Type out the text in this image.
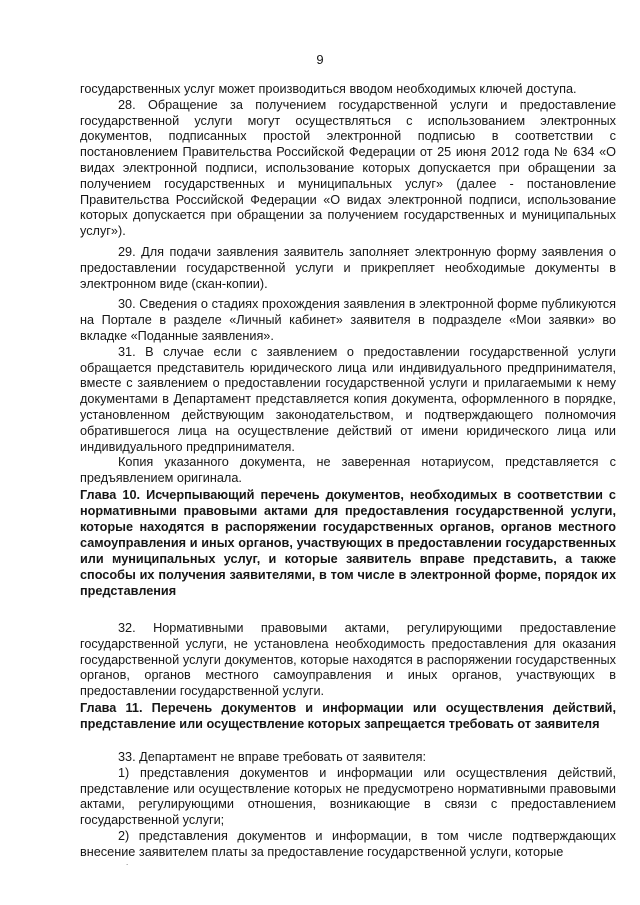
9

государственных услуг может производиться вводом необходимых ключей доступа.

28. Обращение за получением государственной услуги и предоставление государственной услуги могут осуществляться с использованием электронных документов, подписанных простой электронной подписью в соответствии с постановлением Правительства Российской Федерации от 25 июня 2012 года № 634 «О видах электронной подписи, использование которых допускается при обращении за получением государственных и муниципальных услуг» (далее - постановление Правительства Российской Федерации «О видах электронной подписи, использование которых допускается при обращении за получением государственных и муниципальных услуг»).

29. Для подачи заявления заявитель заполняет электронную форму заявления о предоставлении государственной услуги и прикрепляет необходимые документы в электронном виде (скан-копии).

30. Сведения о стадиях прохождения заявления в электронной форме публикуются на Портале в разделе «Личный кабинет» заявителя в подразделе «Мои заявки» во вкладке «Поданные заявления».

31. В случае если с заявлением о предоставлении государственной услуги обращается представитель юридического лица или индивидуального предпринимателя, вместе с заявлением о предоставлении государственной услуги и прилагаемыми к нему документами в Департамент представляется копия документа, оформленного в порядке, установленном действующим законодательством, и подтверждающего полномочия обратившегося лица на осуществление действий от имени юридического лица или индивидуального предпринимателя.

Копия указанного документа, не заверенная нотариусом, представляется с предъявлением оригинала.

Глава 10. Исчерпывающий перечень документов, необходимых в соответствии с нормативными правовыми актами для предоставления государственной услуги, которые находятся в распоряжении государственных органов, органов местного самоуправления и иных органов, участвующих в предоставлении государственных или муниципальных услуг, и которые заявитель вправе представить, а также способы их получения заявителями, в том числе в электронной форме, порядок их представления

32. Нормативными правовыми актами, регулирующими предоставление государственной услуги, не установлена необходимость предоставления для оказания государственной услуги документов, которые находятся в распоряжении государственных органов, органов местного самоуправления и иных органов, участвующих в предоставлении государственной услуги.

Глава 11. Перечень документов и информации или осуществления действий, представление или осуществление которых запрещается требовать от заявителя

33. Департамент не вправе требовать от заявителя:

1) представления документов и информации или осуществления действий, представление или осуществление которых не предусмотрено нормативными правовыми актами, регулирующими отношения, возникающие в связи с предоставлением государственной услуги;

2) представления документов и информации, в том числе подтверждающих внесение заявителем платы за предоставление государственной услуги, которые

.
